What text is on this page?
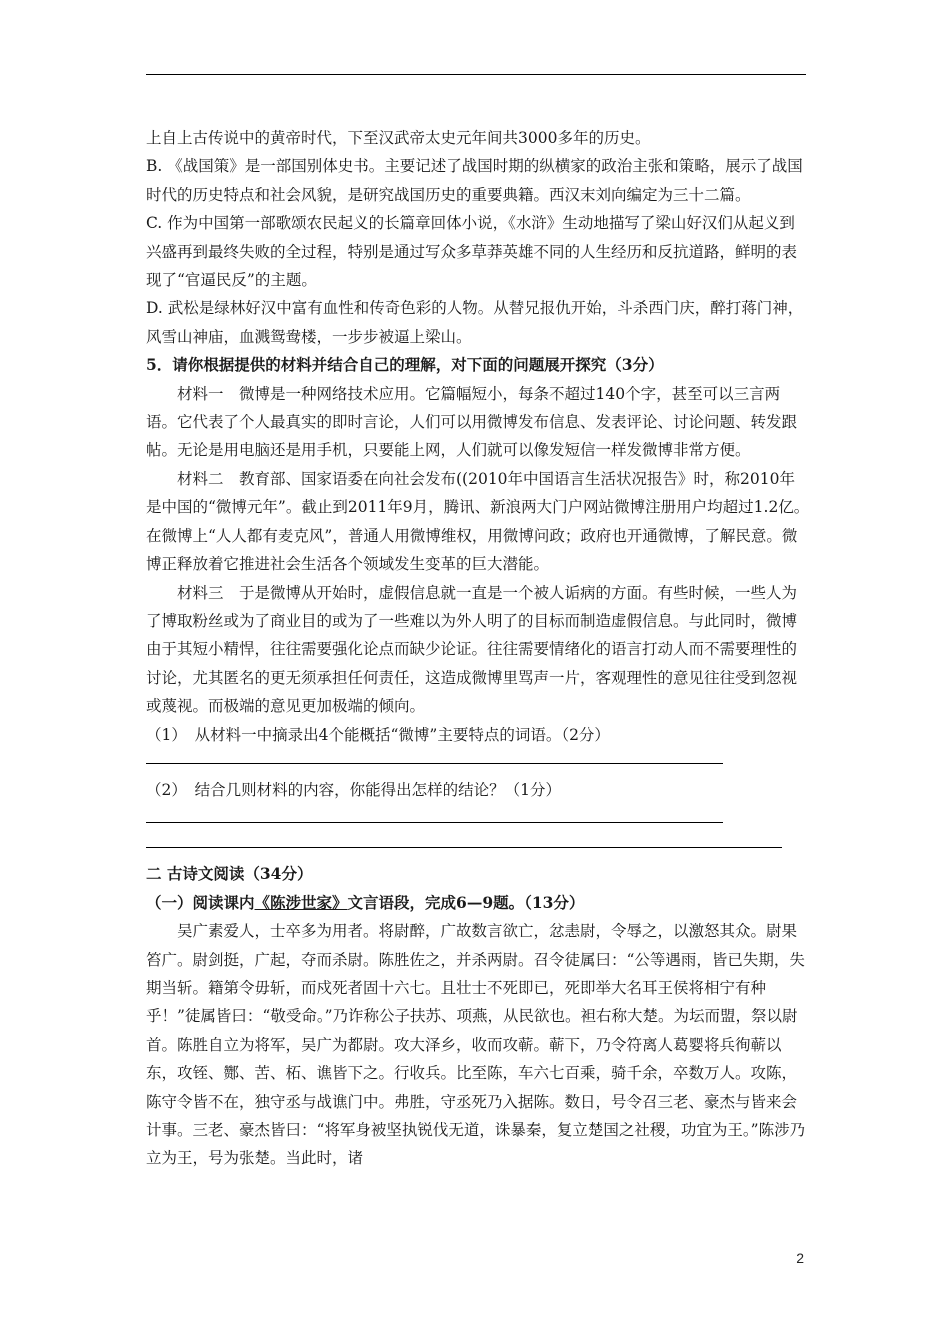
上自上古传说中的黄帝时代，下至汉武帝太史元年间共3000多年的历史。

B. 《战国策》是一部国别体史书。主要记述了战国时期的纵横家的政治主张和策略，展示了战国时代的历史特点和社会风貌，是研究战国历史的重要典籍。西汉末刘向编定为三十二篇。

C. 作为中国第一部歌颂农民起义的长篇章回体小说，《水浒》生动地描写了梁山好汉们从起义到兴盛再到最终失败的全过程，特别是通过写众多草莽英雄不同的人生经历和反抗道路，鲜明的表现了“官逼民反”的主题。

D. 武松是绿林好汉中富有血性和传奇色彩的人物。从替兄报仇开始，斗杀西门庆，醉打蒋门神，风雪山神庙，血溅鸳鸯楼，一步步被逼上梁山。

5．请你根据提供的材料并结合自己的理解，对下面的问题展开探究（3分）

材料一　微博是一种网络技术应用。它篇幅短小，每条不超过140个字，甚至可以三言两语。它代表了个人最真实的即时言论，人们可以用微博发布信息、发表评论、讨论问题、转发跟帖。无论是用电脑还是用手机，只要能上网，人们就可以像发短信一样发微博非常方便。

材料二　教育部、国家语委在向社会发布((2010年中国语言生活状况报告》时，称2010年是中国的“微博元年”。截止到2011年9月，腾讯、新浪两大门户网站微博注册用户均超过1.2亿。在微博上“人人都有麦克风”，普通人用微博维权，用微博问政；政府也开通微博，了解民意。微博正释放着它推进社会生活各个领域发生变革的巨大潜能。

材料三　于是微博从开始时，虚假信息就一直是一个被人诟病的方面。有些时候，一些人为了博取粉丝或为了商业目的或为了一些难以为外人明了的目标而制造虚假信息。与此同时，微博由于其短小精悍，往往需要强化论点而缺少论证。往往需要情绪化的语言打动人而不需要理性的讨论，尤其匿名的更无须承担任何责任，这造成微博里骂声一片，客观理性的意见往往受到忽视或蔑视。而极端的意见更加极端的倾向。

（1）　从材料一中摘录出4个能概括“微博”主要特点的词语。（2分）

（2）　结合几则材料的内容，你能得出怎样的结论？（1分）

二 古诗文阅读（34分）

（一）阅读课内《陈涉世家》文言语段，完成6—9题。（13分）

吴广素爱人，士卒多为用者。将尉醉，广故数言欲亡，忿恚尉，令辱之，以激怒其众。尉果笞广。尉剑挺，广起，夺而杀尉。陈胜佐之，并杀两尉。召令徒属曰：“公等遇雨，皆已失期，失期当斩。籍第令毋斩，而戍死者固十六七。且壮士不死即已，死即举大名耳王侯将相宁有种乎！”徒属皆曰：“敬受命。”乃诈称公子扶苏、项燕，从民欲也。袒右称大楚。为坛而盟，祭以尉首。陈胜自立为将军，吴广为都尉。攻大泽乡，收而攻蕲。蕲下，乃令符离人葛婴将兵徇蕲以东，攻铚、酂、苦、柘、谯皆下之。行收兵。比至陈，车六七百乘，骑千余，卒数万人。攻陈，陈守令皆不在，独守丞与战谯门中。弗胜，守丞死乃入据陈。数日，号令召三老、豪杰与皆来会计事。三老、豪杰皆曰：“将军身被坚执锐伐无道，诛暴秦，复立楚国之社稷，功宜为王。”陈涉乃立为王，号为张楚。当此时，诸

2
